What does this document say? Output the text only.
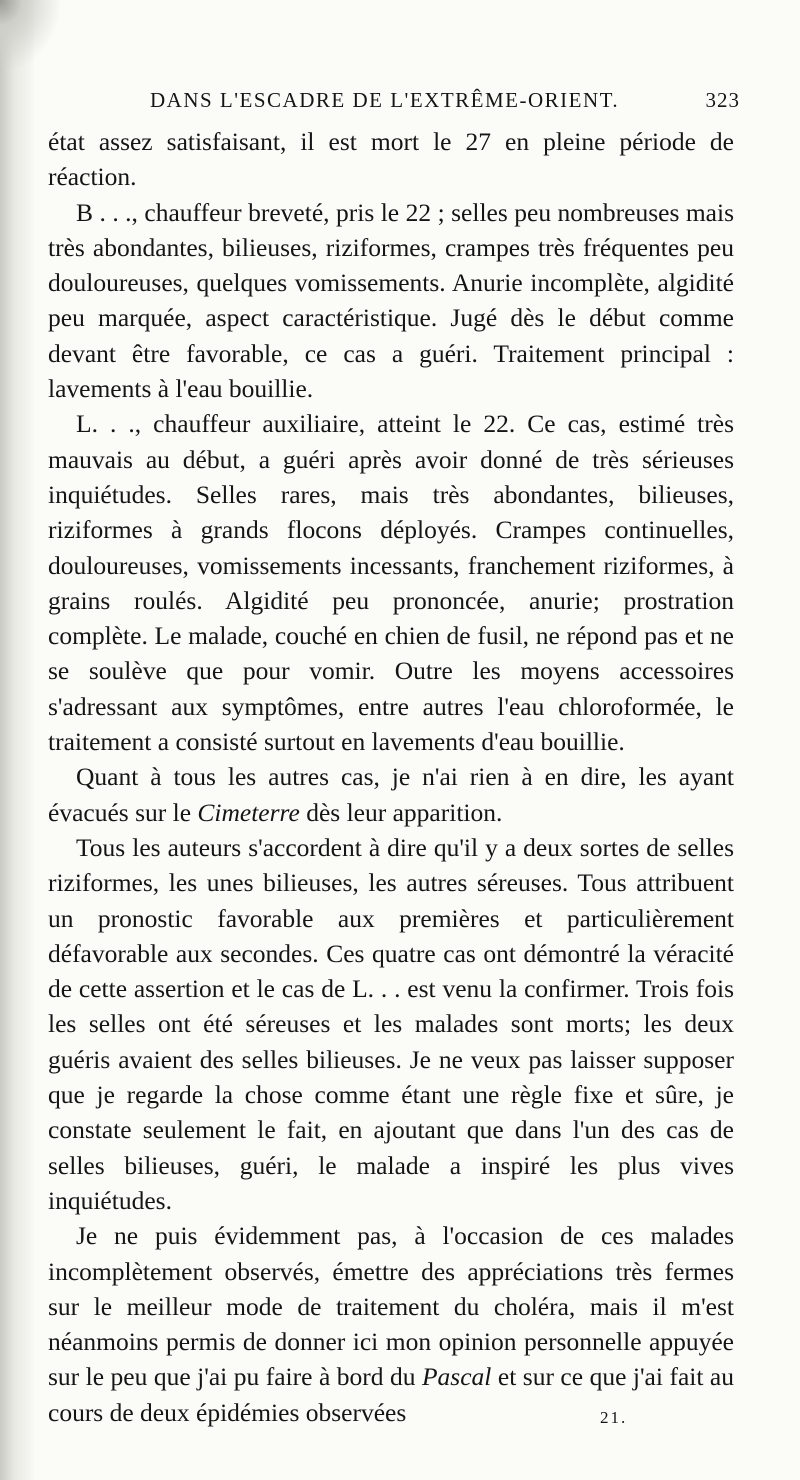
DANS L'ESCADRE DE L'EXTRÊME-ORIENT.	323

état assez satisfaisant, il est mort le 27 en pleine période de réaction.

B . . ., chauffeur breveté, pris le 22 ; selles peu nombreuses mais très abondantes, bilieuses, riziformes, crampes très fréquentes peu douloureuses, quelques vomissements. Anurie incomplète, algidité peu marquée, aspect caractéristique. Jugé dès le début comme devant être favorable, ce cas a guéri. Traitement principal : lavements à l'eau bouillie.

L. . ., chauffeur auxiliaire, atteint le 22. Ce cas, estimé très mauvais au début, a guéri après avoir donné de très sérieuses inquiétudes. Selles rares, mais très abondantes, bilieuses, riziformes à grands flocons déployés. Crampes continuelles, douloureuses, vomissements incessants, franchement riziformes, à grains roulés. Algidité peu prononcée, anurie; prostration complète. Le malade, couché en chien de fusil, ne répond pas et ne se soulève que pour vomir. Outre les moyens accessoires s'adressant aux symptômes, entre autres l'eau chloroformée, le traitement a consisté surtout en lavements d'eau bouillie.

Quant à tous les autres cas, je n'ai rien à en dire, les ayant évacués sur le Cimeterre dès leur apparition.

Tous les auteurs s'accordent à dire qu'il y a deux sortes de selles riziformes, les unes bilieuses, les autres séreuses. Tous attribuent un pronostic favorable aux premières et particulièrement défavorable aux secondes. Ces quatre cas ont démontré la véracité de cette assertion et le cas de L. . . est venu la confirmer. Trois fois les selles ont été séreuses et les malades sont morts; les deux guéris avaient des selles bilieuses. Je ne veux pas laisser supposer que je regarde la chose comme étant une règle fixe et sûre, je constate seulement le fait, en ajoutant que dans l'un des cas de selles bilieuses, guéri, le malade a inspiré les plus vives inquiétudes.

Je ne puis évidemment pas, à l'occasion de ces malades incomplètement observés, émettre des appréciations très fermes sur le meilleur mode de traitement du choléra, mais il m'est néanmoins permis de donner ici mon opinion personnelle appuyée sur le peu que j'ai pu faire à bord du Pascal et sur ce que j'ai fait au cours de deux épidémies observées	21.
